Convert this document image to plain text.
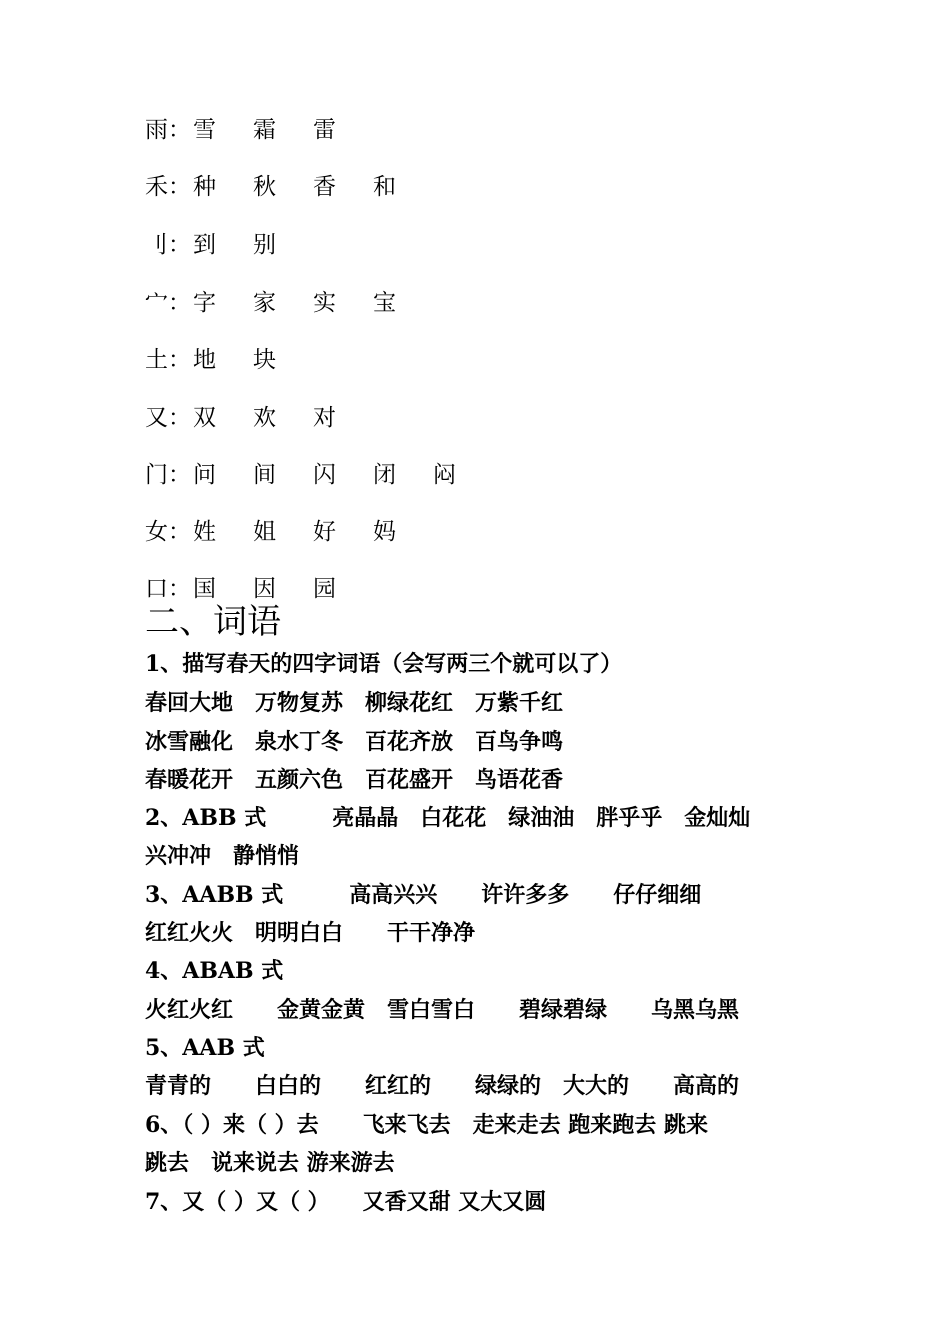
雨：雪 霜 雷
禾：种 秋 香 和
刂：到 别
宀：字 家 实 宝
土：地 块
又：双 欢 对
门：问 间 闪 闭 闷
女：姓 姐 好 妈
口：国 因 园
二、词语
1、描写春天的四字词语（会写两三个就可以了）
春回大地　万物复苏　柳绿花红　万紫千红
冰雪融化　泉水丁冬　百花齐放　百鸟争鸣
春暖花开　五颜六色　百花盛开　鸟语花香
2、ABB 式　　　亮晶晶　白花花　绿油油　胖乎乎　金灿灿
兴冲冲　静悄悄
3、AABB 式　　　高高兴兴　　许许多多　　仔仔细细
红红火火　明明白白　　干干净净
4、ABAB 式
火红火红　　金黄金黄　雪白雪白　　碧绿碧绿　　乌黑乌黑
5、AAB 式
青青的　　白白的　　红红的　　绿绿的　大大的　　高高的
6、（ ）来（ ）去　　飞来飞去　走来走去 跑来跑去 跳来
跳去　说来说去 游来游去
7、又（ ）又（ ）　　又香又甜 又大又圆
